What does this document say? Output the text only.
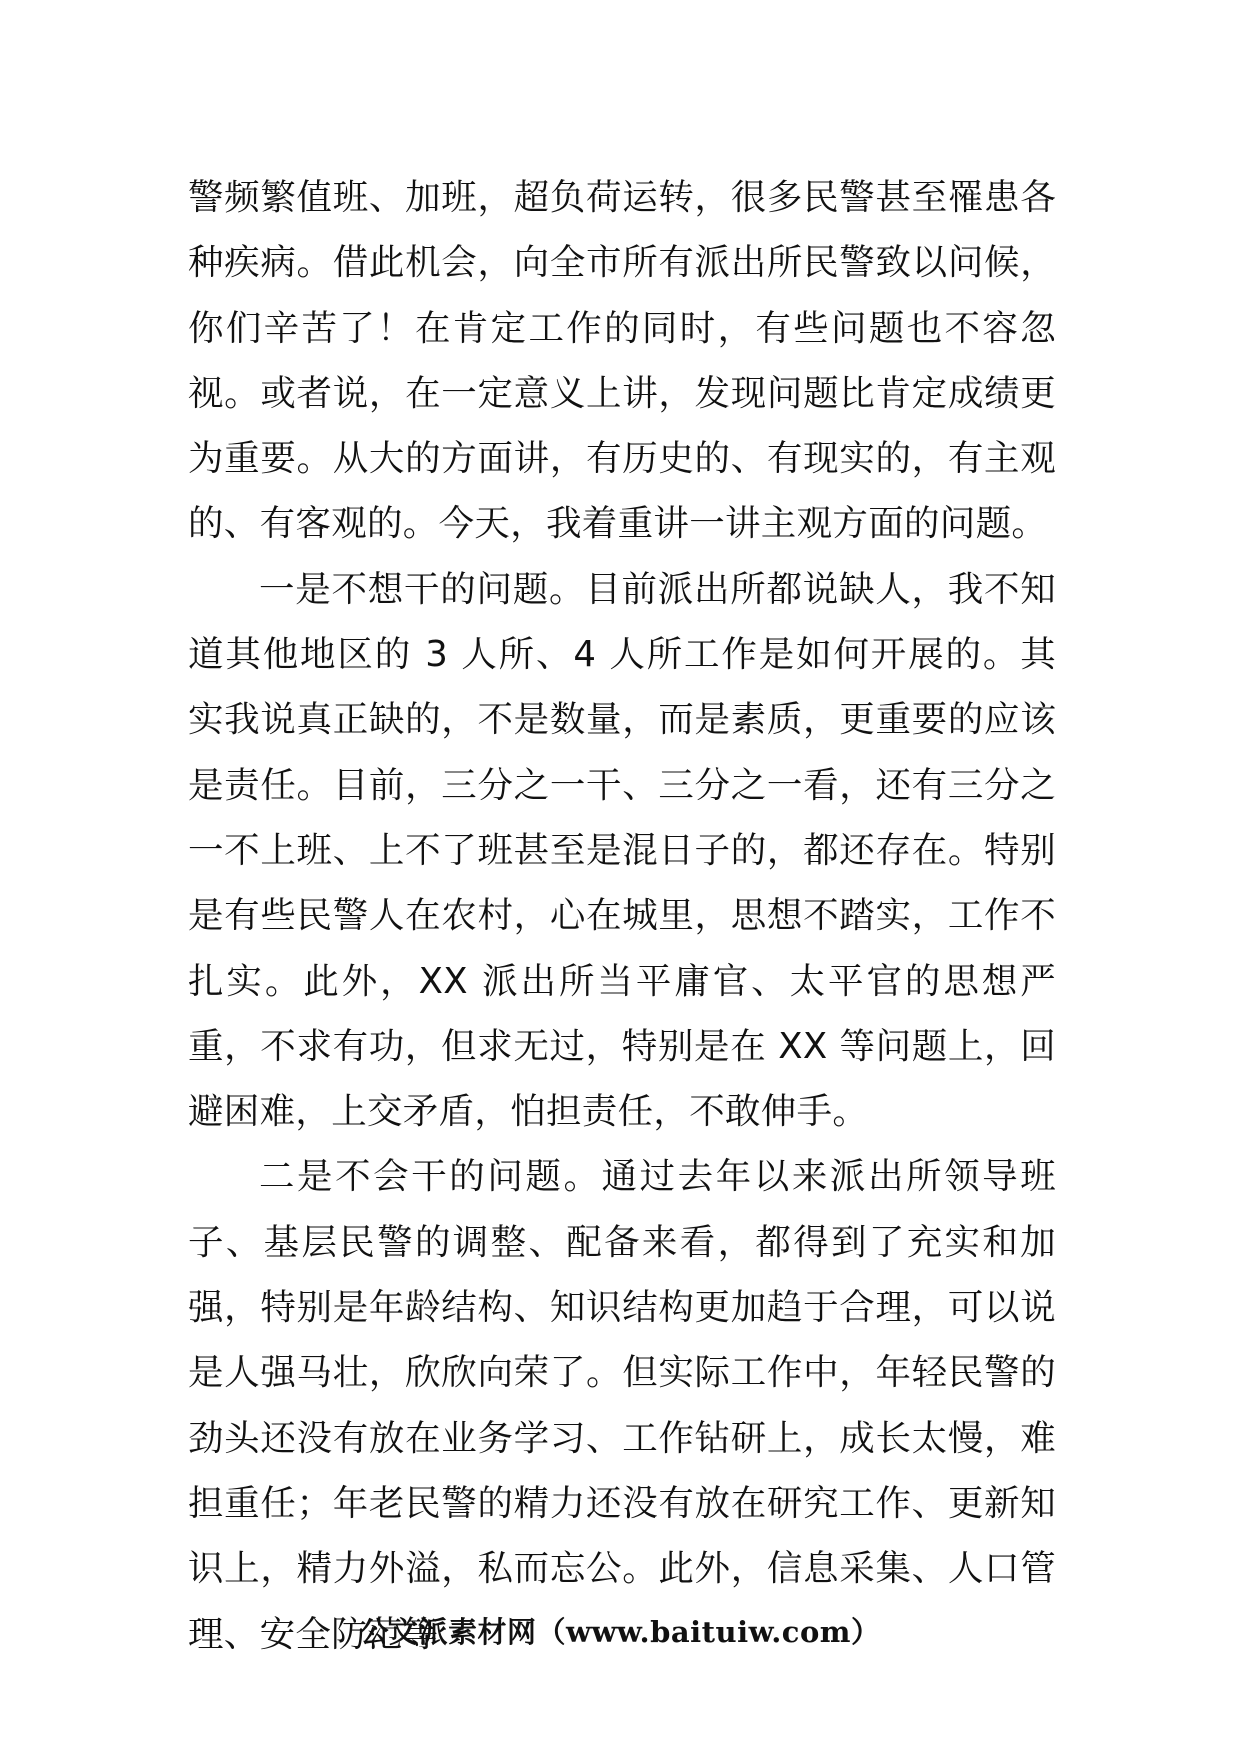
警频繁值班、加班，超负荷运转，很多民警甚至罹患各种疾病。借此机会，向全市所有派出所民警致以问候，你们辛苦了！在肯定工作的同时，有些问题也不容忽视。或者说，在一定意义上讲，发现问题比肯定成绩更为重要。从大的方面讲，有历史的、有现实的，有主观的、有客观的。今天，我着重讲一讲主观方面的问题。

一是不想干的问题。目前派出所都说缺人，我不知道其他地区的 3 人所、4 人所工作是如何开展的。其实我说真正缺的，不是数量，而是素质，更重要的应该是责任。目前，三分之一干、三分之一看，还有三分之一不上班、上不了班甚至是混日子的，都还存在。特别是有些民警人在农村，心在城里，思想不踏实，工作不扎实。此外，XX 派出所当平庸官、太平官的思想严重，不求有功，但求无过，特别是在 XX 等问题上，回避困难，上交矛盾，怕担责任，不敢伸手。

二是不会干的问题。通过去年以来派出所领导班子、基层民警的调整、配备来看，都得到了充实和加强，特别是年龄结构、知识结构更加趋于合理，可以说是人强马壮，欣欣向荣了。但实际工作中，年轻民警的劲头还没有放在业务学习、工作钻研上，成长太慢，难担重任；年老民警的精力还没有放在研究工作、更新知识上，精力外溢，私而忘公。此外，信息采集、人口管理、安全防范等

公文派素材网（www.baituiw.com）
